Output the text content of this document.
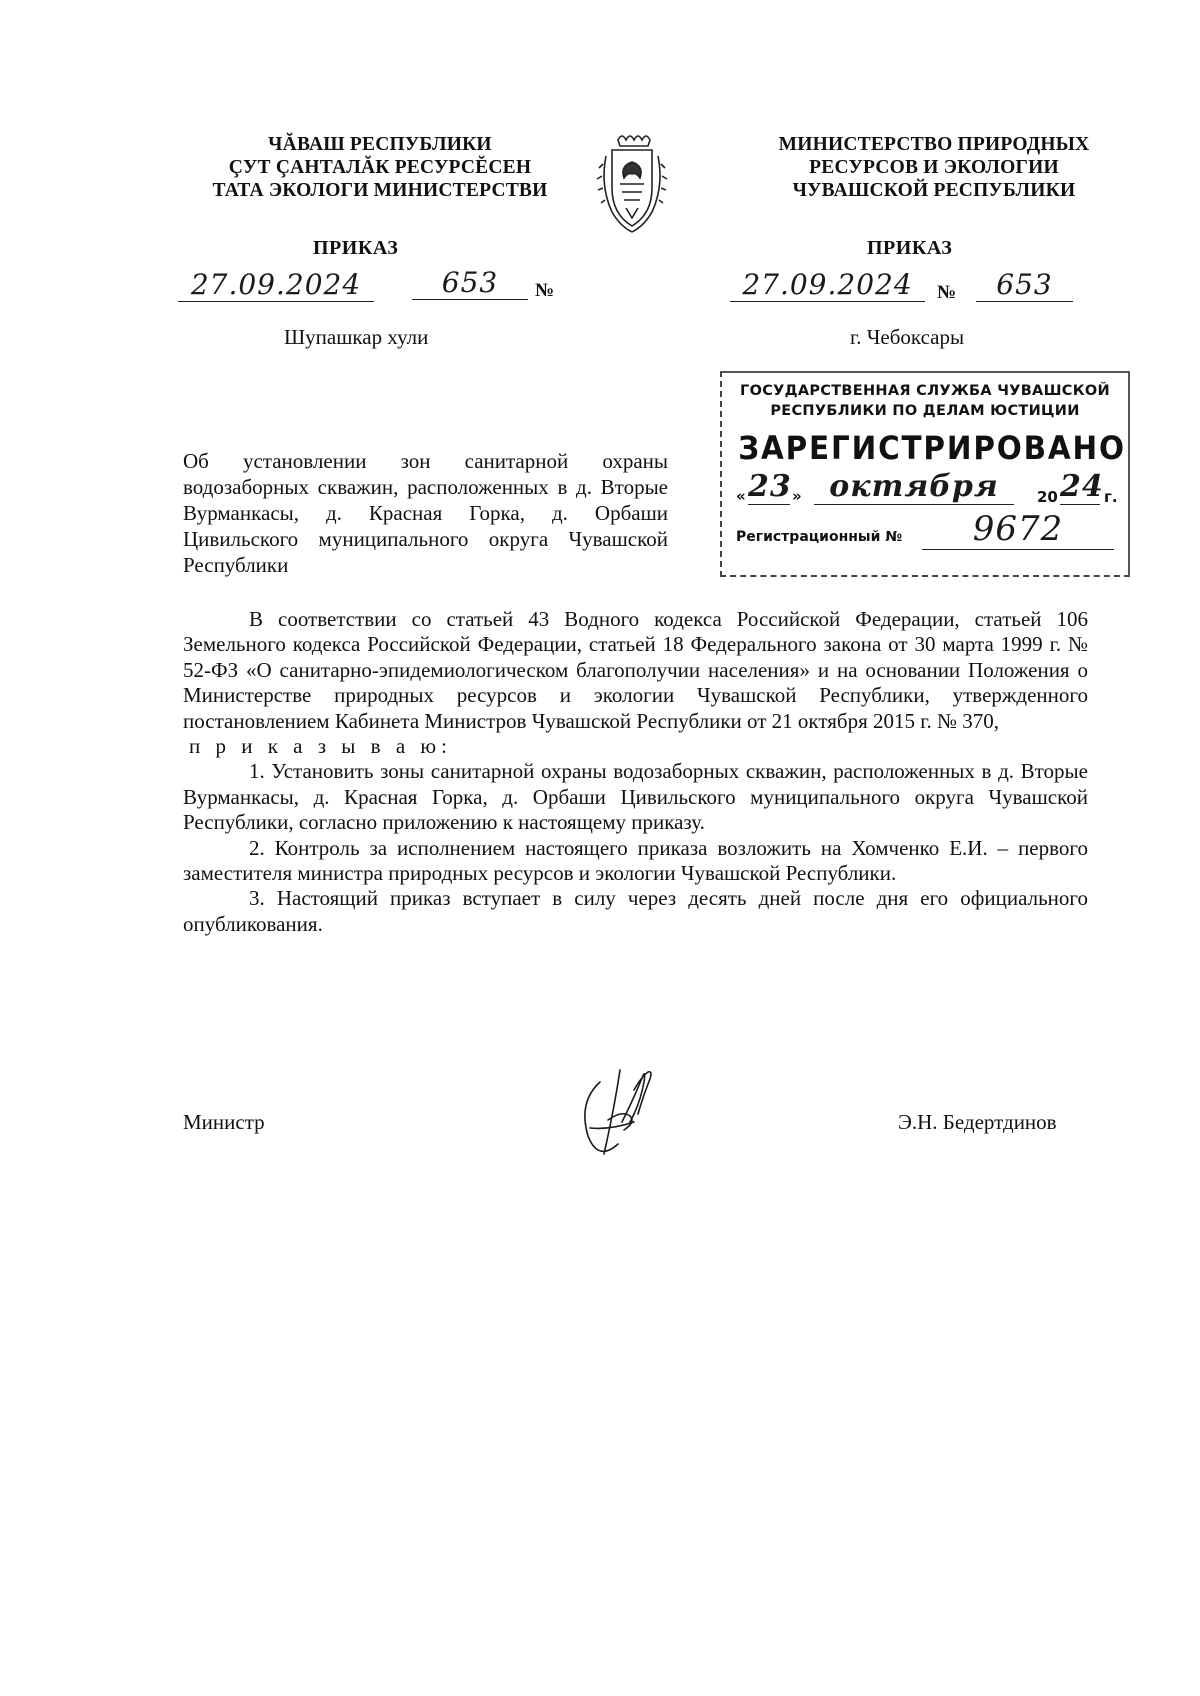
ЧĂВАШ РЕСПУБЛИКИ
ÇУТ ÇАНТАЛĂК РЕСУРСĔСЕН
ТАТА ЭКОЛОГИ МИНИСТЕРСТВИ
МИНИСТЕРСТВО ПРИРОДНЫХ
РЕСУРСОВ И ЭКОЛОГИИ
ЧУВАШСКОЙ РЕСПУБЛИКИ
ПРИКАЗ
27.09.2024	653	№
Шупашкар хули
ПРИКАЗ
27.09.2024	№	653
г. Чебоксары
ГОСУДАРСТВЕННАЯ СЛУЖБА ЧУВАШСКОЙ
РЕСПУБЛИКИ ПО ДЕЛАМ ЮСТИЦИИ
ЗАРЕГИСТРИРОВАНО
« 23 » октября	20 24 г.
Регистрационный №	9672
Об установлении зон санитарной охраны водозаборных скважин, расположенных в д. Вторые Вурманкасы, д. Красная Горка, д. Орбаши Цивильского муниципального округа Чувашской Республики

В соответствии со статьей 43 Водного кодекса Российской Федерации, статьей 106 Земельного кодекса Российской Федерации, статьей 18 Федерального закона от 30 марта 1999 г. № 52-ФЗ «О санитарно-эпидемиологическом благополучии населения» и на основании Положения о Министерстве природных ресурсов и экологии Чувашской Республики, утвержденного постановлением Кабинета Министров Чувашской Республики от 21 октября 2015 г. № 370,

п р и к а з ы в а ю:

1. Установить зоны санитарной охраны водозаборных скважин, расположенных в д. Вторые Вурманкасы, д. Красная Горка, д. Орбаши Цивильского муниципального округа Чувашской Республики, согласно приложению к настоящему приказу.

2. Контроль за исполнением настоящего приказа возложить на Хомченко Е.И. – первого заместителя министра природных ресурсов и экологии Чувашской Республики.

3. Настоящий приказ вступает в силу через десять дней после дня его официального опубликования.

Министр	Э.Н. Бедертдинов
